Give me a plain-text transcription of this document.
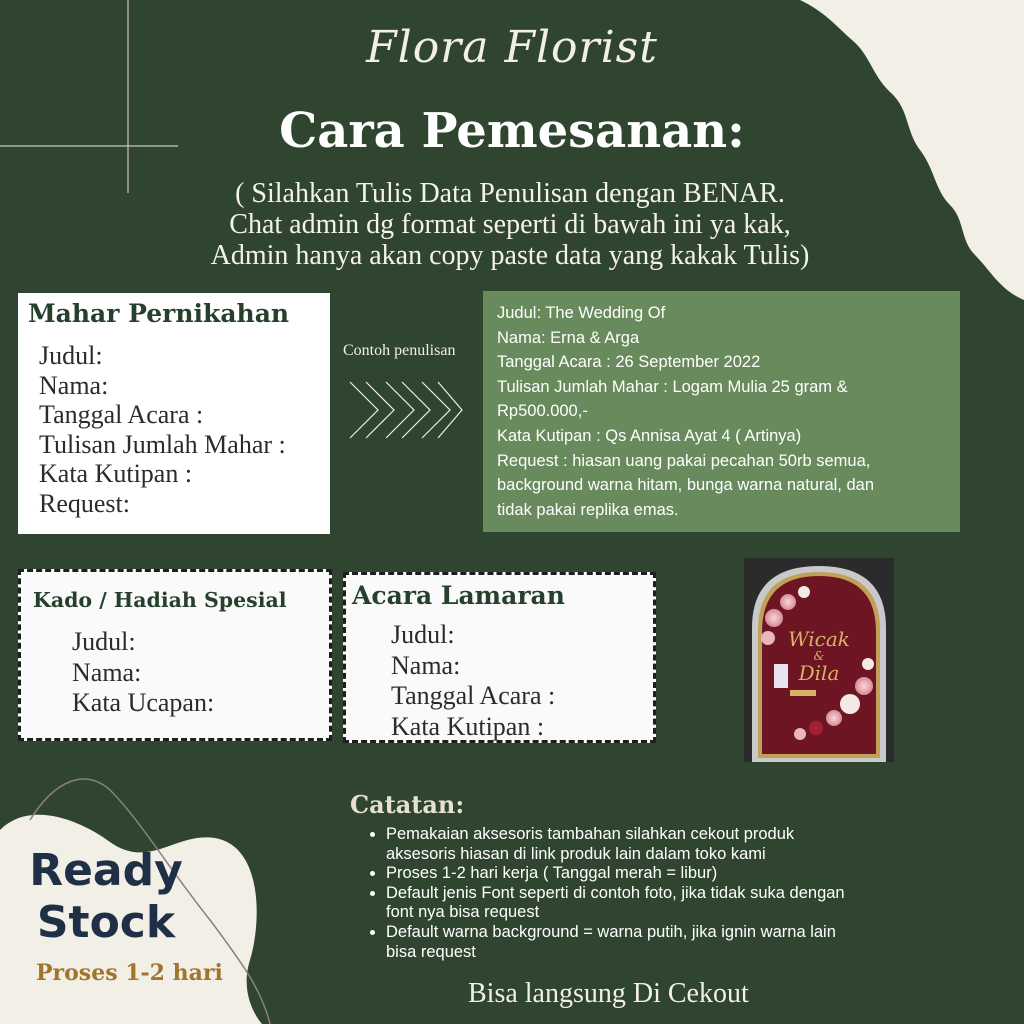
Flora Florist
Cara Pemesanan:
( Silahkan Tulis Data Penulisan dengan BENAR.
Chat admin dg format seperti di bawah ini ya kak,
Admin hanya akan copy paste data yang kakak Tulis)
Mahar Pernikahan
Judul:
Nama:
Tanggal Acara :
Tulisan Jumlah Mahar :
Kata Kutipan :
Request:
Contoh penulisan
Judul: The Wedding Of
Nama: Erna & Arga
Tanggal Acara : 26 September 2022
Tulisan Jumlah Mahar : Logam Mulia 25 gram &
Rp500.000,-
Kata Kutipan : Qs Annisa Ayat 4 ( Artinya)
Request : hiasan uang pakai pecahan 50rb semua,
background warna hitam, bunga warna natural, dan
tidak pakai replika emas.
Kado / Hadiah Spesial
Judul:
Nama:
Kata Ucapan:
Acara Lamaran
Judul:
Nama:
Tanggal Acara :
Kata Kutipan :
Wicak
&
Dila
Catatan:
• Pemakaian aksesoris tambahan silahkan cekout produk
aksesoris hiasan di link produk lain dalam toko kami
• Proses 1-2 hari kerja ( Tanggal merah = libur)
• Default jenis Font seperti di contoh foto, jika tidak suka dengan
font nya bisa request
• Default warna background = warna putih, jika ignin warna lain
bisa request
Bisa langsung Di Cekout
Ready
Stock
Proses 1-2 hari
